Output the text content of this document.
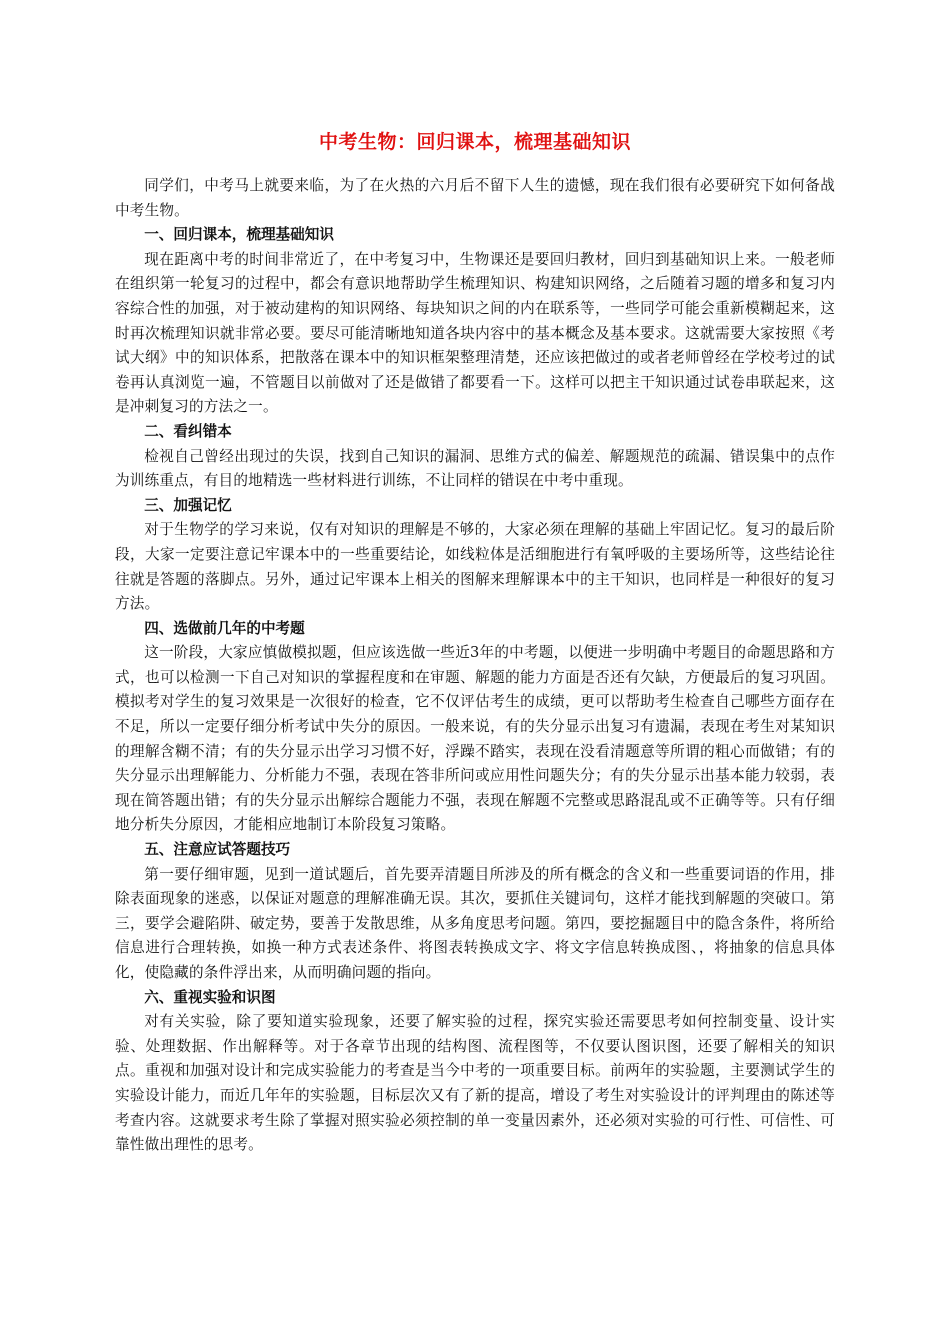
中考生物：回归课本，梳理基础知识

同学们，中考马上就要来临，为了在火热的六月后不留下人生的遗憾，现在我们很有必要研究下如何备战中考生物。

一、回归课本，梳理基础知识

现在距离中考的时间非常近了，在中考复习中，生物课还是要回归教材，回归到基础知识上来。一般老师在组织第一轮复习的过程中，都会有意识地帮助学生梳理知识、构建知识网络，之后随着习题的增多和复习内容综合性的加强，对于被动建构的知识网络、每块知识之间的内在联系等，一些同学可能会重新模糊起来，这时再次梳理知识就非常必要。要尽可能清晰地知道各块内容中的基本概念及基本要求。这就需要大家按照《考试大纲》中的知识体系，把散落在课本中的知识框架整理清楚，还应该把做过的或者老师曾经在学校考过的试卷再认真浏览一遍，不管题目以前做对了还是做错了都要看一下。这样可以把主干知识通过试卷串联起来，这是冲刺复习的方法之一。

二、看纠错本

检视自己曾经出现过的失误，找到自己知识的漏洞、思维方式的偏差、解题规范的疏漏、错误集中的点作为训练重点，有目的地精选一些材料进行训练，不让同样的错误在中考中重现。

三、加强记忆

对于生物学的学习来说，仅有对知识的理解是不够的，大家必须在理解的基础上牢固记忆。复习的最后阶段，大家一定要注意记牢课本中的一些重要结论，如线粒体是活细胞进行有氧呼吸的主要场所等，这些结论往往就是答题的落脚点。另外，通过记牢课本上相关的图解来理解课本中的主干知识，也同样是一种很好的复习方法。

四、选做前几年的中考题

这一阶段，大家应慎做模拟题，但应该选做一些近3年的中考题，以便进一步明确中考题目的命题思路和方式，也可以检测一下自己对知识的掌握程度和在审题、解题的能力方面是否还有欠缺，方便最后的复习巩固。模拟考对学生的复习效果是一次很好的检查，它不仅评估考生的成绩，更可以帮助考生检查自己哪些方面存在不足，所以一定要仔细分析考试中失分的原因。一般来说，有的失分显示出复习有遗漏，表现在考生对某知识的理解含糊不清；有的失分显示出学习习惯不好，浮躁不踏实，表现在没看清题意等所谓的粗心而做错；有的失分显示出理解能力、分析能力不强，表现在答非所问或应用性问题失分；有的失分显示出基本能力较弱，表现在简答题出错；有的失分显示出解综合题能力不强，表现在解题不完整或思路混乱或不正确等等。只有仔细地分析失分原因，才能相应地制订本阶段复习策略。

五、注意应试答题技巧

第一要仔细审题，见到一道试题后，首先要弄清题目所涉及的所有概念的含义和一些重要词语的作用，排除表面现象的迷惑，以保证对题意的理解准确无误。其次，要抓住关键词句，这样才能找到解题的突破口。第三，要学会避陷阱、破定势，要善于发散思维，从多角度思考问题。第四，要挖掘题目中的隐含条件，将所给信息进行合理转换，如换一种方式表述条件、将图表转换成文字、将文字信息转换成图、，将抽象的信息具体化，使隐藏的条件浮出来，从而明确问题的指向。

六、重视实验和识图

对有关实验，除了要知道实验现象，还要了解实验的过程，探究实验还需要思考如何控制变量、设计实验、处理数据、作出解释等。对于各章节出现的结构图、流程图等，不仅要认图识图，还要了解相关的知识点。重视和加强对设计和完成实验能力的考查是当今中考的一项重要目标。前两年的实验题，主要测试学生的实验设计能力，而近几年年的实验题，目标层次又有了新的提高，增设了考生对实验设计的评判理由的陈述等考查内容。这就要求考生除了掌握对照实验必须控制的单一变量因素外，还必须对实验的可行性、可信性、可靠性做出理性的思考。
